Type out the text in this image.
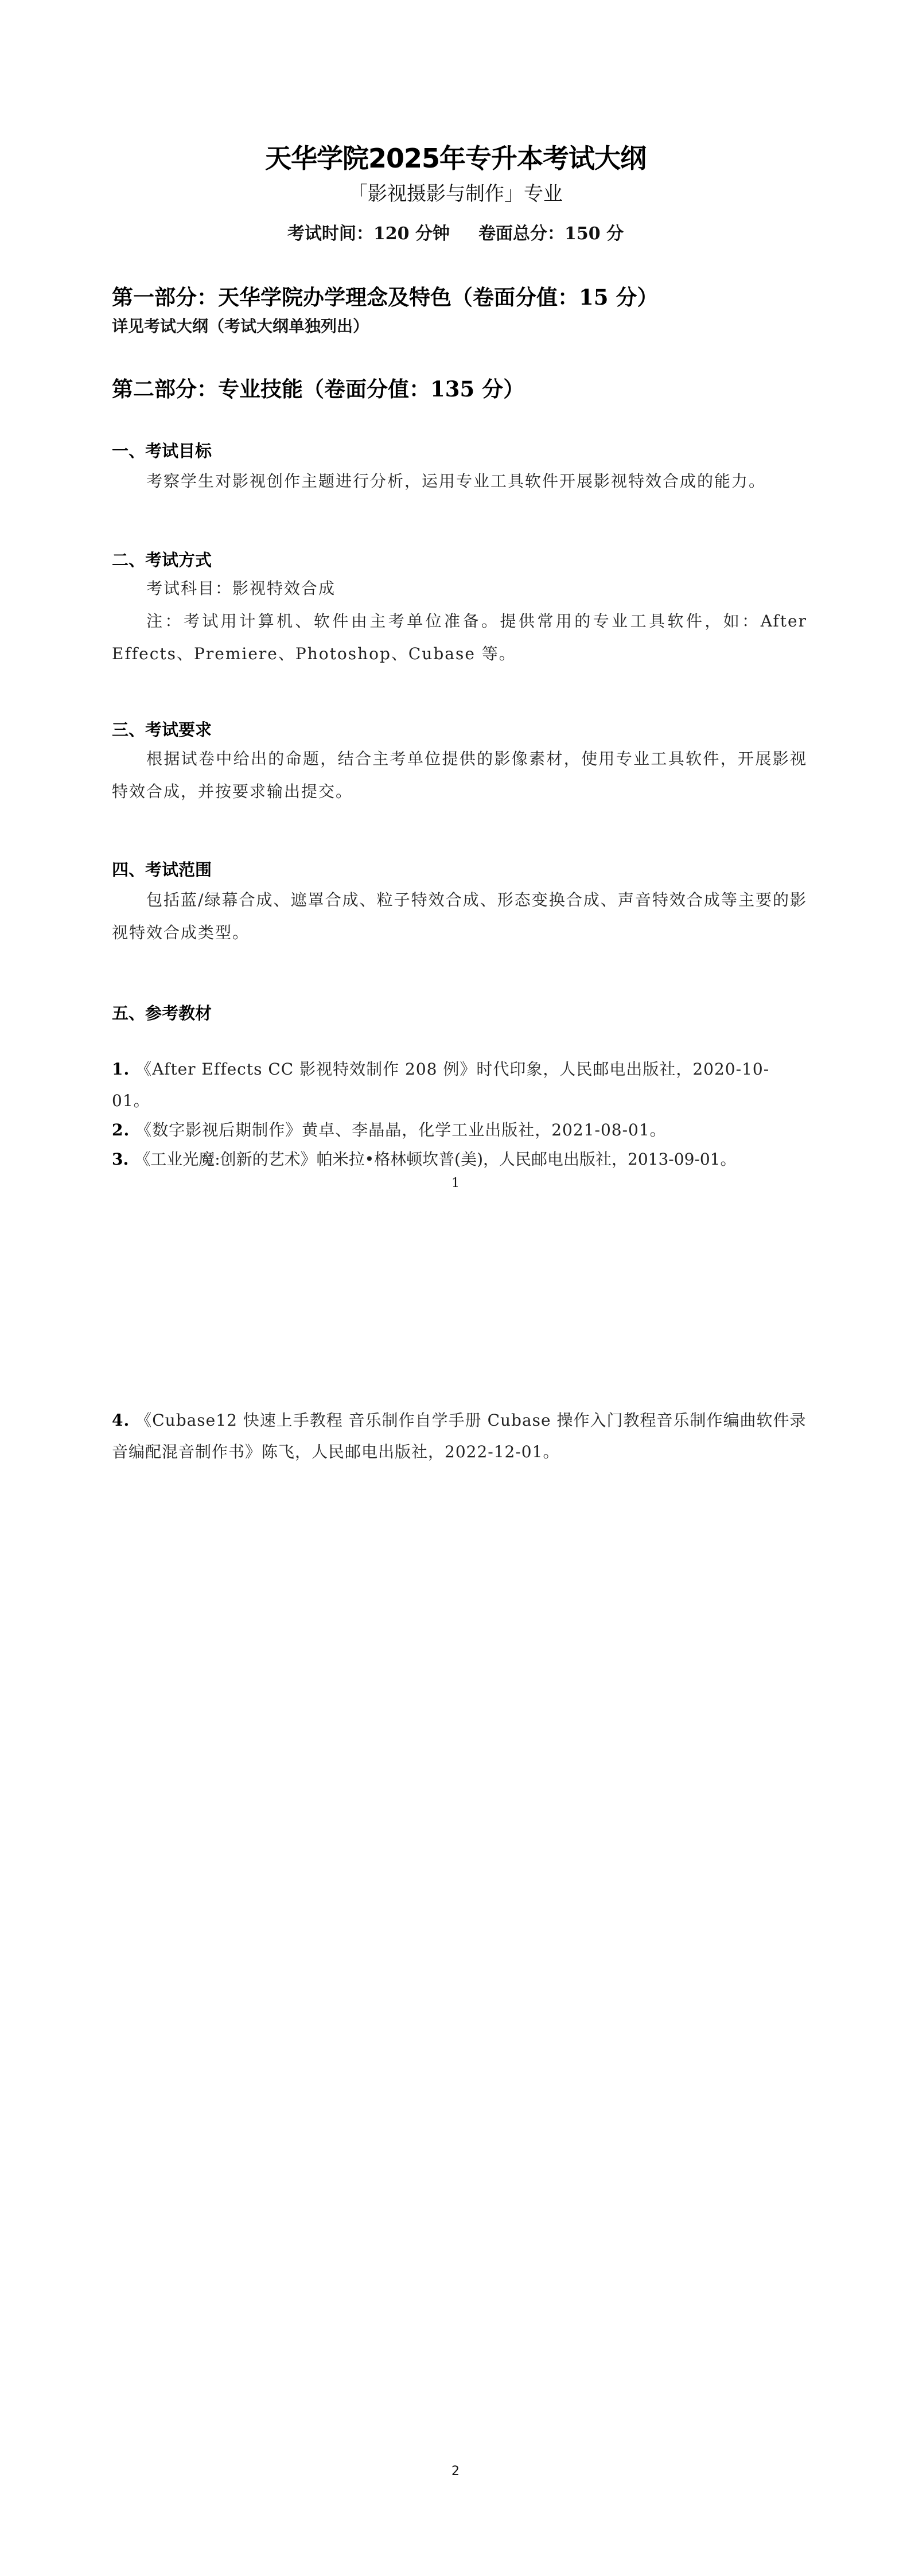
天华学院2025年专升本考试大纲
「影视摄影与制作」专业
考试时间：120 分钟 卷面总分：150 分
第一部分：天华学院办学理念及特色（卷面分值：15 分）
详见考试大纲（考试大纲单独列出）
第二部分：专业技能（卷面分值：135 分）
一、考试目标
考察学生对影视创作主题进行分析，运用专业工具软件开展影视特效合成的能力。
二、考试方式
考试科目：影视特效合成
注：考试用计算机、软件由主考单位准备。提供常用的专业工具软件，如：After Effects、Premiere、Photoshop、Cubase 等。
三、考试要求
根据试卷中给出的命题，结合主考单位提供的影像素材，使用专业工具软件，开展影视特效合成，并按要求输出提交。
四、考试范围
包括蓝/绿幕合成、遮罩合成、粒子特效合成、形态变换合成、声音特效合成等主要的影视特效合成类型。
五、参考教材
1. 《After Effects CC 影视特效制作 208 例》时代印象，人民邮电出版社，2020-10-01。
2. 《数字影视后期制作》黄卓、李晶晶，化学工业出版社，2021-08-01。
3. 《工业光魔:创新的艺术》帕米拉•格林顿坎普(美)，人民邮电出版社，2013-09-01。
1
4. 《Cubase12 快速上手教程 音乐制作自学手册 Cubase 操作入门教程音乐制作编曲软件录音编配混音制作书》陈飞，人民邮电出版社，2022-12-01。
2
